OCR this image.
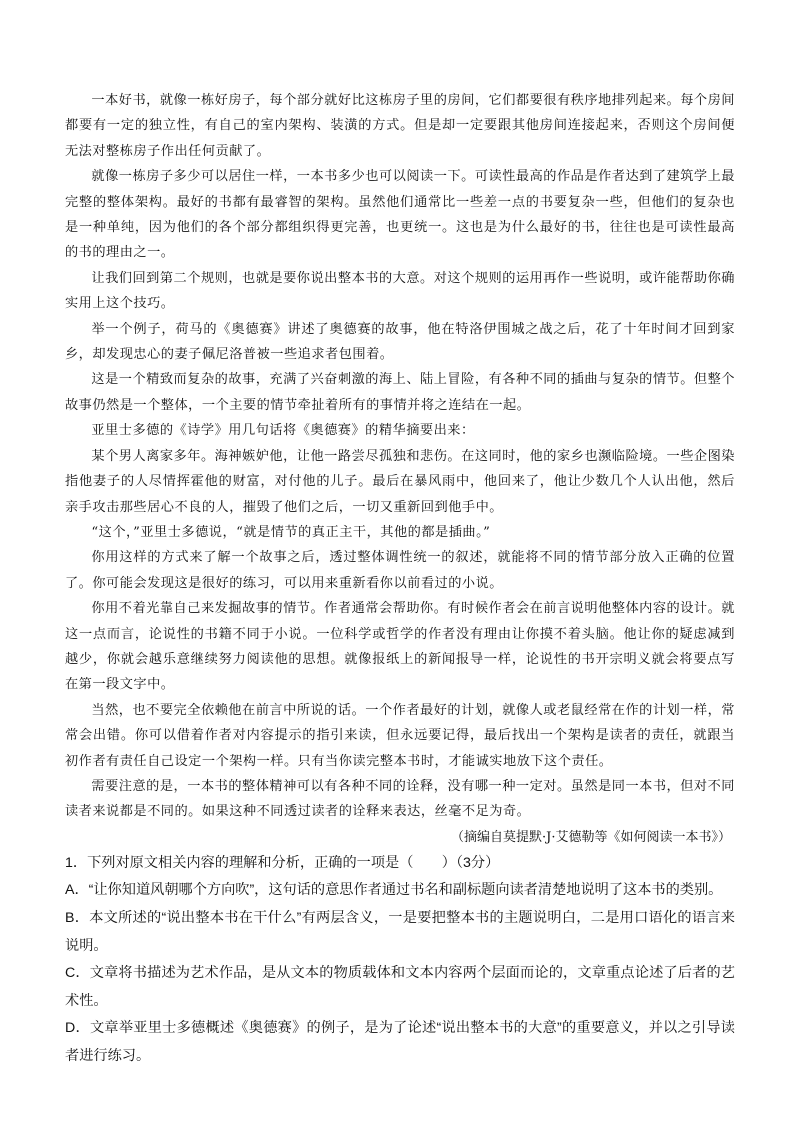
一本好书，就像一栋好房子，每个部分就好比这栋房子里的房间，它们都要很有秩序地排列起来。每个房间都要有一定的独立性，有自己的室内架构、装潢的方式。但是却一定要跟其他房间连接起来，否则这个房间便无法对整栋房子作出任何贡献了。

就像一栋房子多少可以居住一样，一本书多少也可以阅读一下。可读性最高的作品是作者达到了建筑学上最完整的整体架构。最好的书都有最睿智的架构。虽然他们通常比一些差一点的书要复杂一些，但他们的复杂也是一种单纯，因为他们的各个部分都组织得更完善，也更统一。这也是为什么最好的书，往往也是可读性最高的书的理由之一。

让我们回到第二个规则，也就是要你说出整本书的大意。对这个规则的运用再作一些说明，或许能帮助你确实用上这个技巧。

举一个例子，荷马的《奥德赛》讲述了奥德赛的故事，他在特洛伊围城之战之后，花了十年时间才回到家乡，却发现忠心的妻子佩尼洛普被一些追求者包围着。

这是一个精致而复杂的故事，充满了兴奋刺激的海上、陆上冒险，有各种不同的插曲与复杂的情节。但整个故事仍然是一个整体，一个主要的情节牵扯着所有的事情并将之连结在一起。

亚里士多德的《诗学》用几句话将《奥德赛》的精华摘要出来：

某个男人离家多年。海神嫉妒他，让他一路尝尽孤独和悲伤。在这同时，他的家乡也濒临险境。一些企图染指他妻子的人尽情挥霍他的财富，对付他的儿子。最后在暴风雨中，他回来了，他让少数几个人认出他，然后亲手攻击那些居心不良的人，摧毁了他们之后，一切又重新回到他手中。

“这个，”亚里士多德说，“就是情节的真正主干，其他的都是插曲。”

你用这样的方式来了解一个故事之后，透过整体调性统一的叙述，就能将不同的情节部分放入正确的位置了。你可能会发现这是很好的练习，可以用来重新看你以前看过的小说。

你用不着光靠自己来发掘故事的情节。作者通常会帮助你。有时候作者会在前言说明他整体内容的设计。就这一点而言，论说性的书籍不同于小说。一位科学或哲学的作者没有理由让你摸不着头脑。他让你的疑虑减到越少，你就会越乐意继续努力阅读他的思想。就像报纸上的新闻报导一样，论说性的书开宗明义就会将要点写在第一段文字中。

当然，也不要完全依赖他在前言中所说的话。一个作者最好的计划，就像人或老鼠经常在作的计划一样，常常会出错。你可以借着作者对内容提示的指引来读，但永远要记得，最后找出一个架构是读者的责任，就跟当初作者有责任自己设定一个架构一样。只有当你读完整本书时，才能诚实地放下这个责任。

需要注意的是，一本书的整体精神可以有各种不同的诠释，没有哪一种一定对。虽然是同一本书，但对不同读者来说都是不同的。如果这种不同透过读者的诠释来表达，丝毫不足为奇。

（摘编自莫提默·J·艾德勒等《如何阅读一本书》）

1．下列对原文相关内容的理解和分析，正确的一项是（　　）（3分）

A．“让你知道风朝哪个方向吹”，这句话的意思作者通过书名和副标题向读者清楚地说明了这本书的类别。

B．本文所述的“说出整本书在干什么”有两层含义，一是要把整本书的主题说明白，二是用口语化的语言来说明。

C．文章将书描述为艺术作品，是从文本的物质载体和文本内容两个层面而论的，文章重点论述了后者的艺术性。

D．文章举亚里士多德概述《奥德赛》的例子，是为了论述“说出整本书的大意”的重要意义，并以之引导读者进行练习。
